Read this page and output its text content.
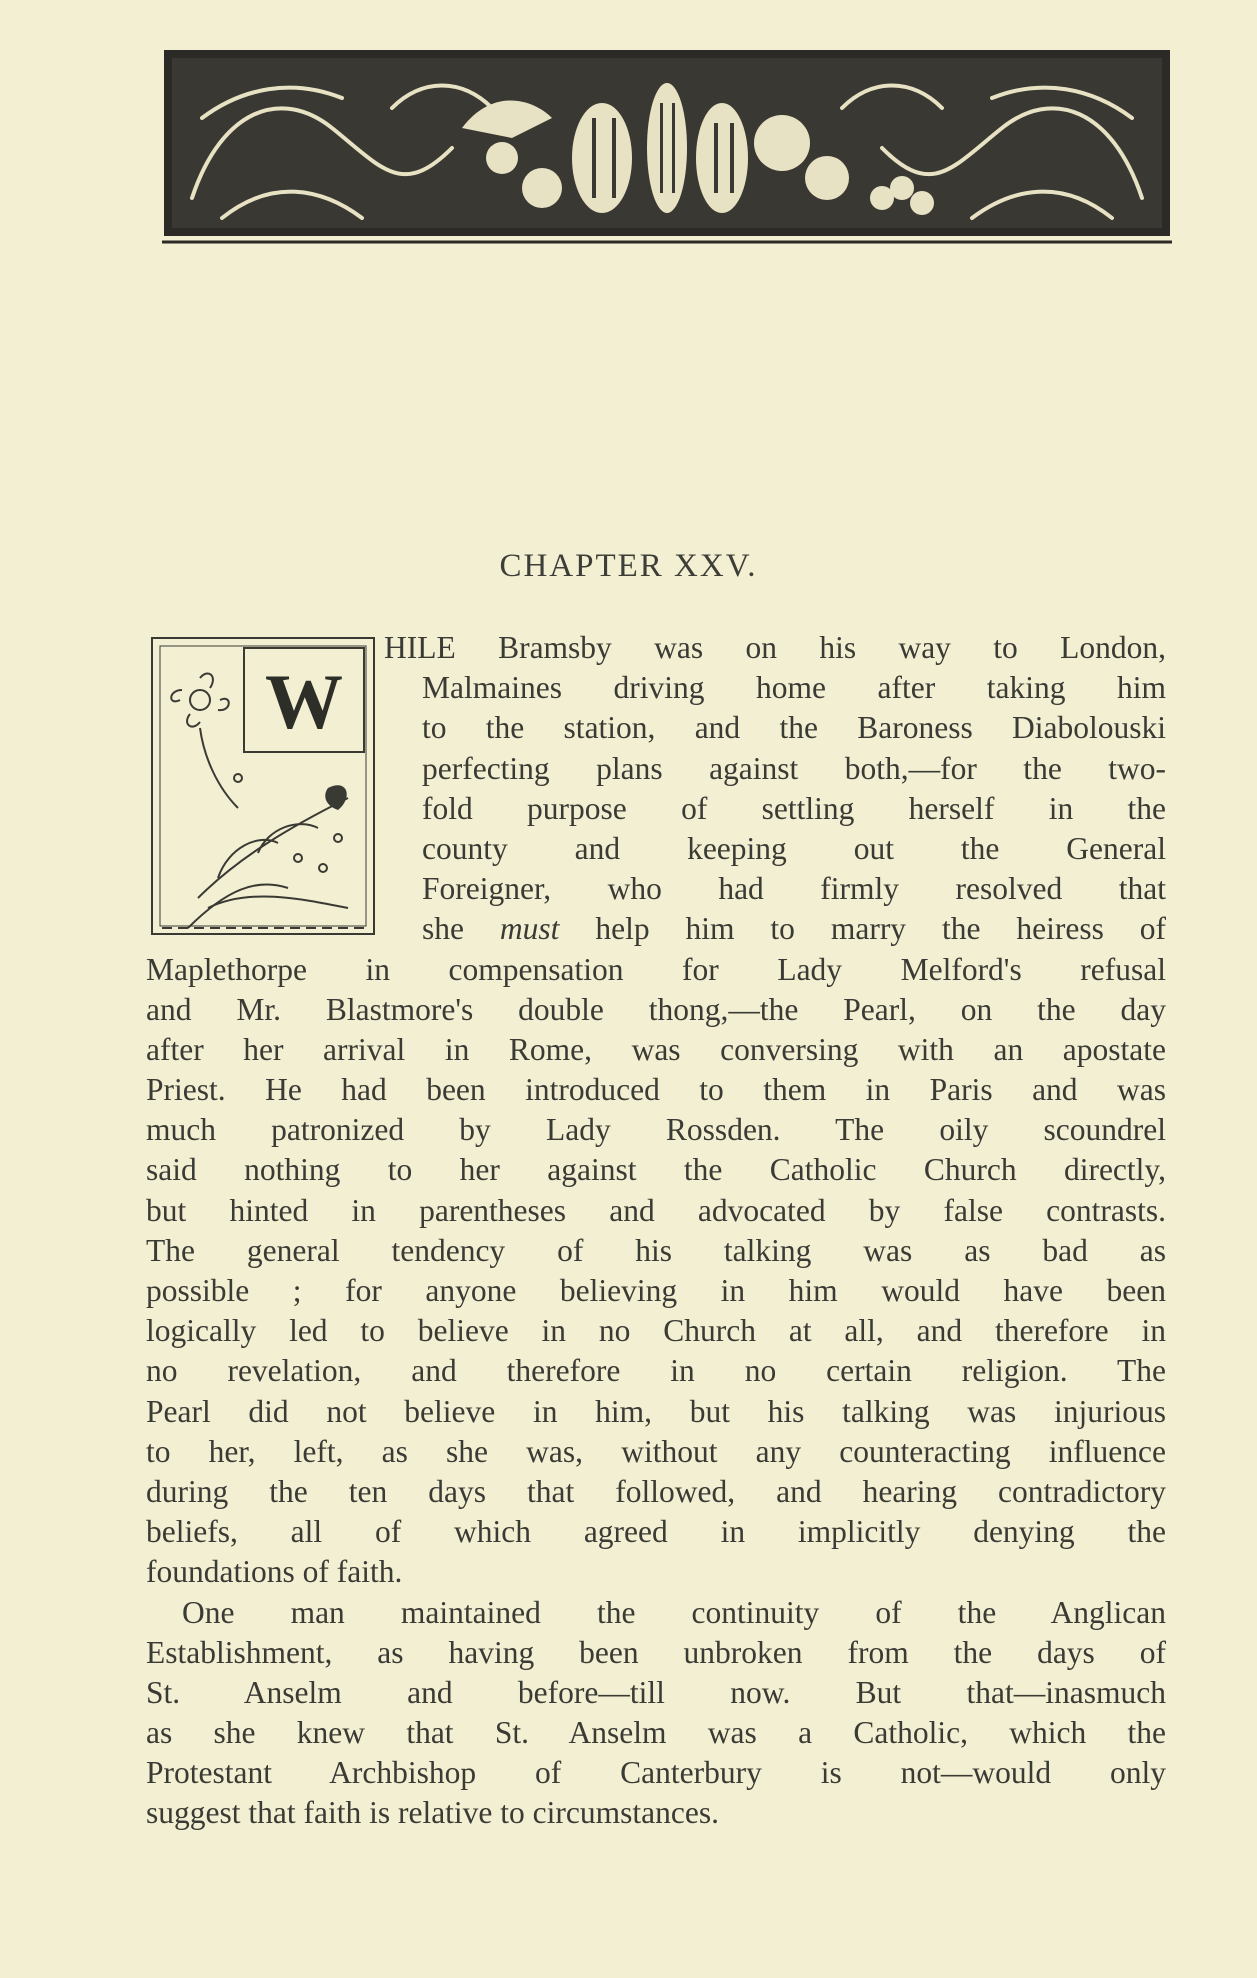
CHAPTER XXV.
W
HILE Bramsby was on his way to London,
Malmaines driving home after taking him
to the station, and the Baroness Diabolouski
perfecting plans against both,—for the two-
fold purpose of settling herself in the
county and keeping out the General
Foreigner, who had firmly resolved that
she must help him to marry the heiress of
Maplethorpe in compensation for Lady Melford's refusal
and Mr. Blastmore's double thong,—the Pearl, on the day
after her arrival in Rome, was conversing with an apostate
Priest. He had been introduced to them in Paris and was
much patronized by Lady Rossden. The oily scoundrel
said nothing to her against the Catholic Church directly,
but hinted in parentheses and advocated by false contrasts.
The general tendency of his talking was as bad as
possible ; for anyone believing in him would have been
logically led to believe in no Church at all, and therefore in
no revelation, and therefore in no certain religion. The
Pearl did not believe in him, but his talking was injurious
to her, left, as she was, without any counteracting influence
during the ten days that followed, and hearing contradictory
beliefs, all of which agreed in implicitly denying the
foundations of faith.
One man maintained the continuity of the Anglican
Establishment, as having been unbroken from the days of
St. Anselm and before—till now. But that—inasmuch
as she knew that St. Anselm was a Catholic, which the
Protestant Archbishop of Canterbury is not—would only
suggest that faith is relative to circumstances.
